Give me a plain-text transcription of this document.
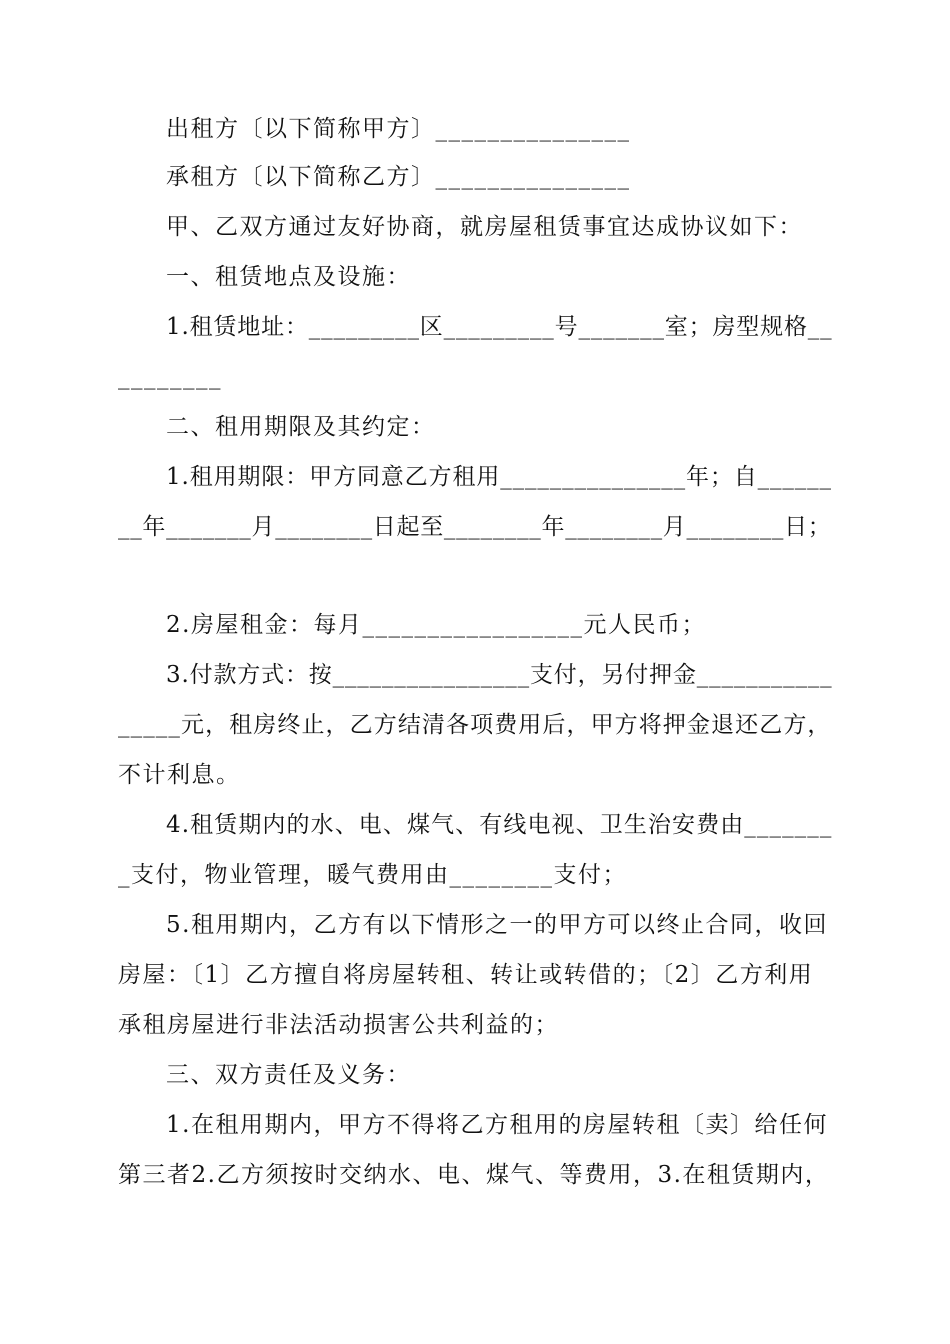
出租方〔以下简称甲方〕_______________
承租方〔以下简称乙方〕_______________
甲、乙双方通过友好协商，就房屋租赁事宜达成协议如下：
一、租赁地点及设施：
1.租赁地址：_________区_________号_______室；房型规格__
________
二、租用期限及其约定：
1.租用期限：甲方同意乙方租用_______________年；自______
__年_______月________日起至________年________月________日；
2.房屋租金：每月_________________元人民币；
3.付款方式：按________________支付，另付押金___________
_____元，租房终止，乙方结清各项费用后，甲方将押金退还乙方，
不计利息。
4.租赁期内的水、电、煤气、有线电视、卫生治安费由_______
_支付，物业管理，暖气费用由________支付；
5.租用期内，乙方有以下情形之一的甲方可以终止合同，收回
房屋：〔1〕乙方擅自将房屋转租、转让或转借的；〔2〕乙方利用
承租房屋进行非法活动损害公共利益的；
三、双方责任及义务：
1.在租用期内，甲方不得将乙方租用的房屋转租〔卖〕给任何
第三者2.乙方须按时交纳水、电、煤气、等费用，3.在租赁期内，
